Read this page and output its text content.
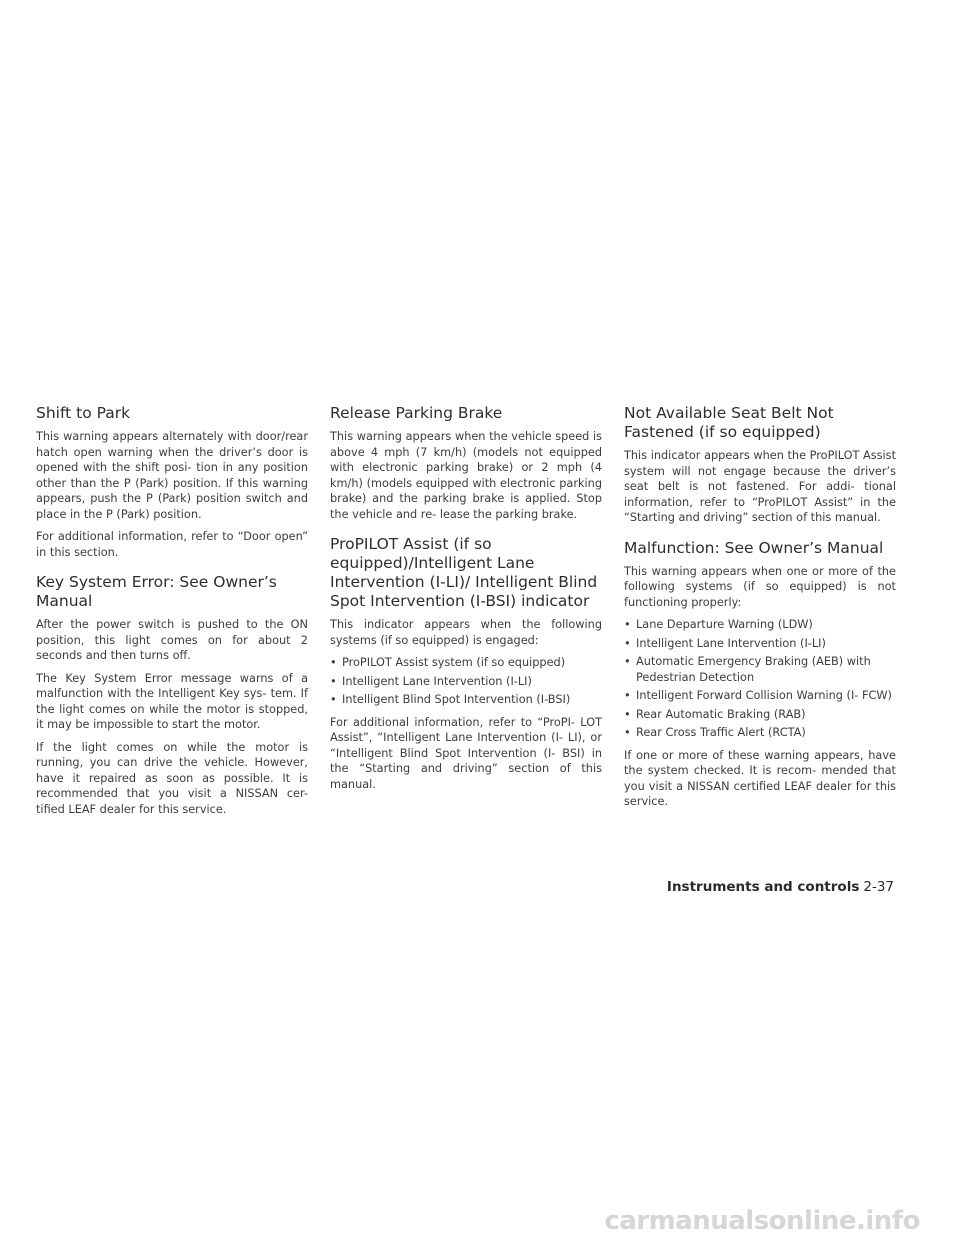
Shift to Park

This warning appears alternately with door/rear hatch open warning when the driver’s door is opened with the shift posi- tion in any position other than the P (Park) position. If this warning appears, push the P (Park) position switch and place in the P (Park) position.

For additional information, refer to “Door open” in this section.

Key System Error: See Owner’s Manual

After the power switch is pushed to the ON position, this light comes on for about 2 seconds and then turns off.

The Key System Error message warns of a malfunction with the Intelligent Key sys- tem. If the light comes on while the motor is stopped, it may be impossible to start the motor.

If the light comes on while the motor is running, you can drive the vehicle. However, have it repaired as soon as possible. It is recommended that you visit a NISSAN cer- tified LEAF dealer for this service.

Release Parking Brake

This warning appears when the vehicle speed is above 4 mph (7 km/h) (models not equipped with electronic parking brake) or 2 mph (4 km/h) (models equipped with electronic parking brake) and the parking brake is applied. Stop the vehicle and re- lease the parking brake.

ProPILOT Assist (if so equipped)/Intelligent Lane Intervention (I-LI)/ Intelligent Blind Spot Intervention (I-BSI) indicator

This indicator appears when the following systems (if so equipped) is engaged:

• ProPILOT Assist system (if so equipped)
• Intelligent Lane Intervention (I-LI)
• Intelligent Blind Spot Intervention (I-BSI)

For additional information, refer to “ProPI- LOT Assist”, “Intelligent Lane Intervention (I- LI), or “Intelligent Blind Spot Intervention (I- BSI) in the “Starting and driving” section of this manual.

Not Available Seat Belt Not Fastened (if so equipped)

This indicator appears when the ProPILOT Assist system will not engage because the driver’s seat belt is not fastened. For addi- tional information, refer to “ProPILOT Assist” in the “Starting and driving” section of this manual.

Malfunction: See Owner’s Manual

This warning appears when one or more of the following systems (if so equipped) is not functioning properly:

• Lane Departure Warning (LDW)
• Intelligent Lane Intervention (I-LI)
• Automatic Emergency Braking (AEB) with Pedestrian Detection
• Intelligent Forward Collision Warning (I- FCW)
• Rear Automatic Braking (RAB)
• Rear Cross Traffic Alert (RCTA)

If one or more of these warning appears, have the system checked. It is recom- mended that you visit a NISSAN certified LEAF dealer for this service.

Instruments and controls 2-37
carmanualsonline.info
